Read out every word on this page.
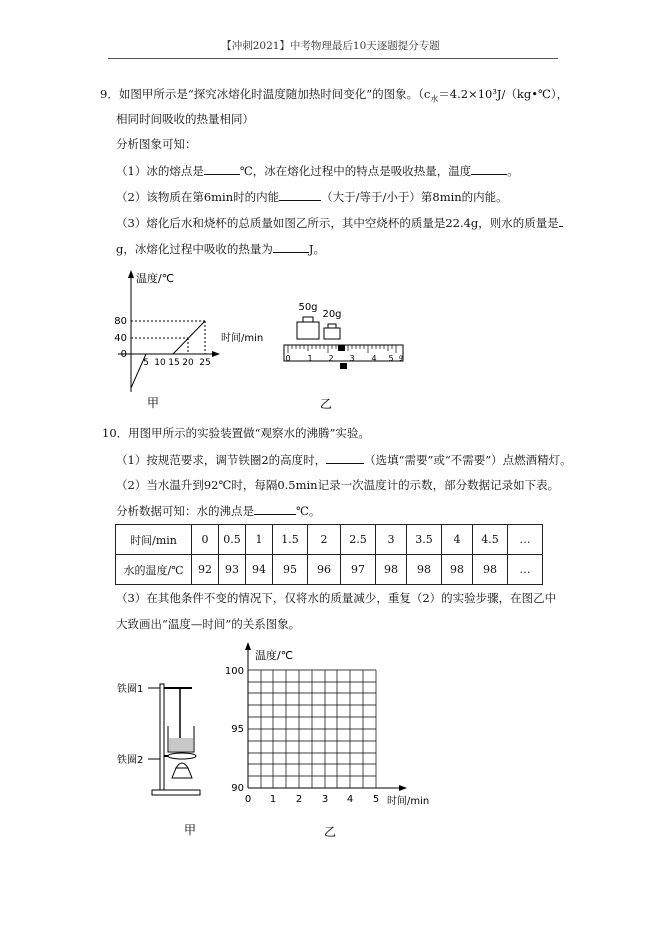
【冲刺2021】中考物理最后10天逐题提分专题
9．如图甲所示是“探究冰熔化时温度随加热时间变化”的图象。（$c_水=4.2\times 10^3J/(kg•℃)$，
相同时间吸收的热量相同）
分析图象可知：
（1）冰的熔点是	℃，冰在熔化过程中的特点是吸收热量，温度	。
（2）该物质在第6min时的内能	（大于/等于/小于）第8min的内能。
（3）熔化后水和烧杯的总质量如图乙所示，其中空烧杯的质量是22.4g，则水的质量是
g，冰熔化过程中吸收的热量为	J。
温度/℃
时间/min
80
40
0
5 10 15 20 25
甲
50g
20g
0 1 2 3 4 5 g
乙
10．用图甲所示的实验装置做“观察水的沸腾”实验。
（1）按规范要求，调节铁圈2的高度时，	（选填“需要”或“不需要”）点燃酒精灯。
（2）当水温升到92℃时，每隔0.5min记录一次温度计的示数，部分数据记录如下表。
分析数据可知：水的沸点是	℃。
时间/min	0	0.5	1	1.5	2	2.5	3	3.5	4	4.5	…
水的温度/℃	92	93	94	95	96	97	98	98	98	98	…
（3）在其他条件不变的情况下，仅将水的质量减少，重复（2）的实验步骤，在图乙中
大致画出“温度—时间”的关系图象。
铁圈1
铁圈2
甲
温度/℃
100
95
90
0 1 2 3 4 5 时间/min
乙
